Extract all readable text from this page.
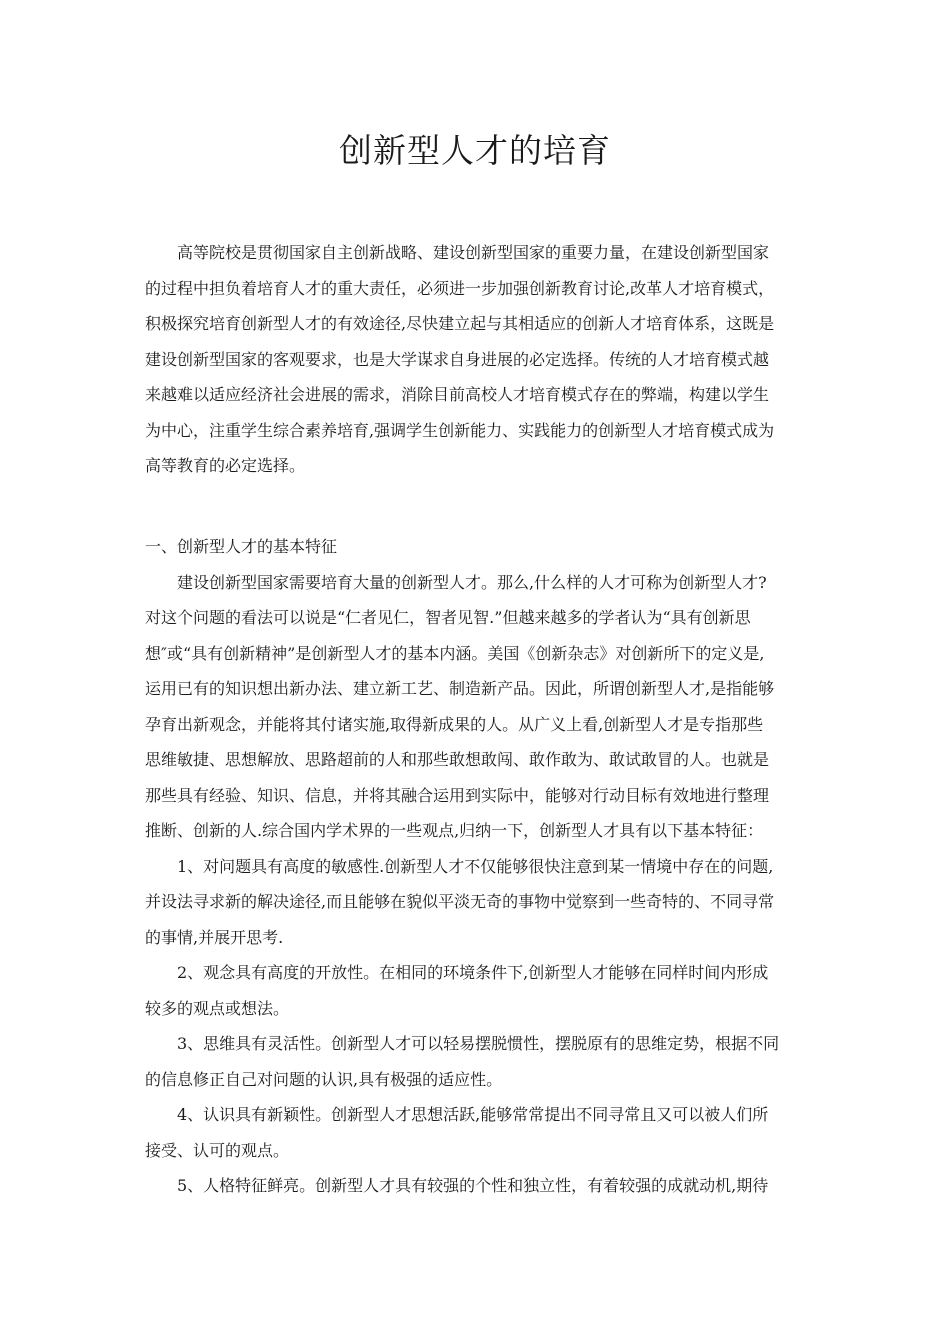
创新型人才的培育

高等院校是贯彻国家自主创新战略、建设创新型国家的重要力量，在建设创新型国家
的过程中担负着培育人才的重大责任，必须进一步加强创新教育讨论,改革人才培育模式，
积极探究培育创新型人才的有效途径,尽快建立起与其相适应的创新人才培育体系，这既是
建设创新型国家的客观要求，也是大学谋求自身进展的必定选择。传统的人才培育模式越
来越难以适应经济社会进展的需求，消除目前高校人才培育模式存在的弊端，构建以学生
为中心，注重学生综合素养培育,强调学生创新能力、实践能力的创新型人才培育模式成为
高等教育的必定选择。

一、创新型人才的基本特征

建设创新型国家需要培育大量的创新型人才。那么,什么样的人才可称为创新型人才?
对这个问题的看法可以说是“仁者见仁，智者见智.”但越来越多的学者认为“具有创新思
想″或“具有创新精神”是创新型人才的基本内涵。美国《创新杂志》对创新所下的定义是,
运用已有的知识想出新办法、建立新工艺、制造新产品。因此，所谓创新型人才,是指能够
孕育出新观念，并能将其付诸实施,取得新成果的人。从广义上看,创新型人才是专指那些
思维敏捷、思想解放、思路超前的人和那些敢想敢闯、敢作敢为、敢试敢冒的人。也就是
那些具有经验、知识、信息，并将其融合运用到实际中，能够对行动目标有效地进行整理
推断、创新的人.综合国内学术界的一些观点,归纳一下，创新型人才具有以下基本特征：

1、对问题具有高度的敏感性.创新型人才不仅能够很快注意到某一情境中存在的问题,
并设法寻求新的解决途径,而且能够在貌似平淡无奇的事物中觉察到一些奇特的、不同寻常
的事情,并展开思考.

2、观念具有高度的开放性。在相同的环境条件下,创新型人才能够在同样时间内形成
较多的观点或想法。

3、思维具有灵活性。创新型人才可以轻易摆脱惯性，摆脱原有的思维定势，根据不同
的信息修正自己对问题的认识,具有极强的适应性。

4、认识具有新颖性。创新型人才思想活跃,能够常常提出不同寻常且又可以被人们所
接受、认可的观点。

5、人格特征鲜亮。创新型人才具有较强的个性和独立性，有着较强的成就动机,期待
